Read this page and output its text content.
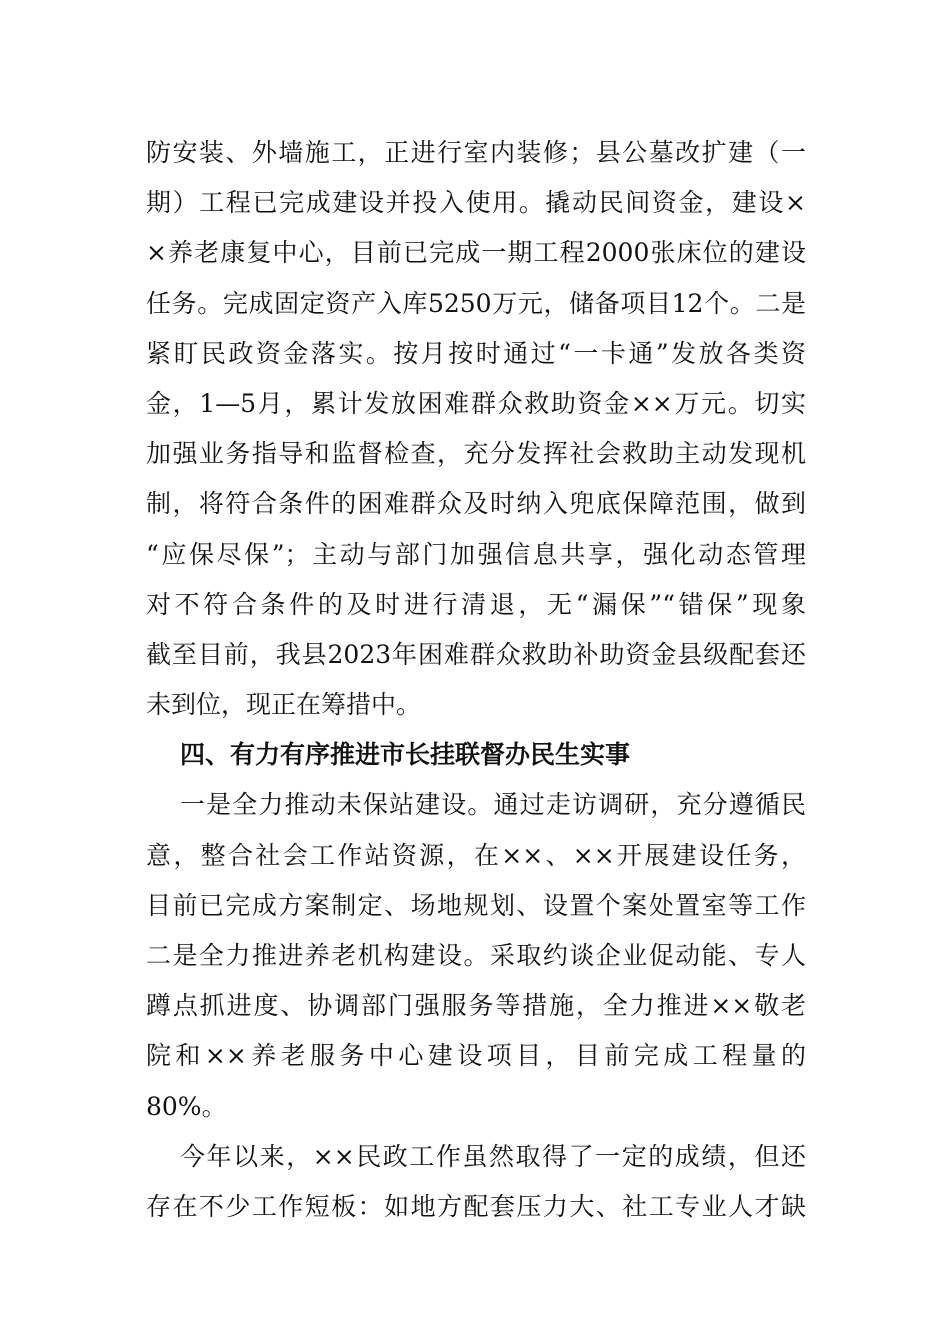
防安装、外墙施工，正进行室内装修；县公墓改扩建（一
期）工程已完成建设并投入使用。撬动民间资金，建设×
×养老康复中心，目前已完成一期工程2000张床位的建设
任务。完成固定资产入库5250万元，储备项目12个。二是
紧盯民政资金落实。按月按时通过“一卡通”发放各类资
金，1—5月，累计发放困难群众救助资金××万元。切实
加强业务指导和监督检查，充分发挥社会救助主动发现机
制，将符合条件的困难群众及时纳入兜底保障范围，做到
“应保尽保”；主动与部门加强信息共享，强化动态管理
对不符合条件的及时进行清退，无“漏保”“错保”现象
截至目前，我县2023年困难群众救助补助资金县级配套还
未到位，现正在筹措中。
四、有力有序推进市长挂联督办民生实事
一是全力推动未保站建设。通过走访调研，充分遵循民
意，整合社会工作站资源，在××、××开展建设任务，
目前已完成方案制定、场地规划、设置个案处置室等工作
二是全力推进养老机构建设。采取约谈企业促动能、专人
蹲点抓进度、协调部门强服务等措施，全力推进××敬老
院和××养老服务中心建设项目，目前完成工程量的
80%。
今年以来，××民政工作虽然取得了一定的成绩，但还
存在不少工作短板：如地方配套压力大、社工专业人才缺
